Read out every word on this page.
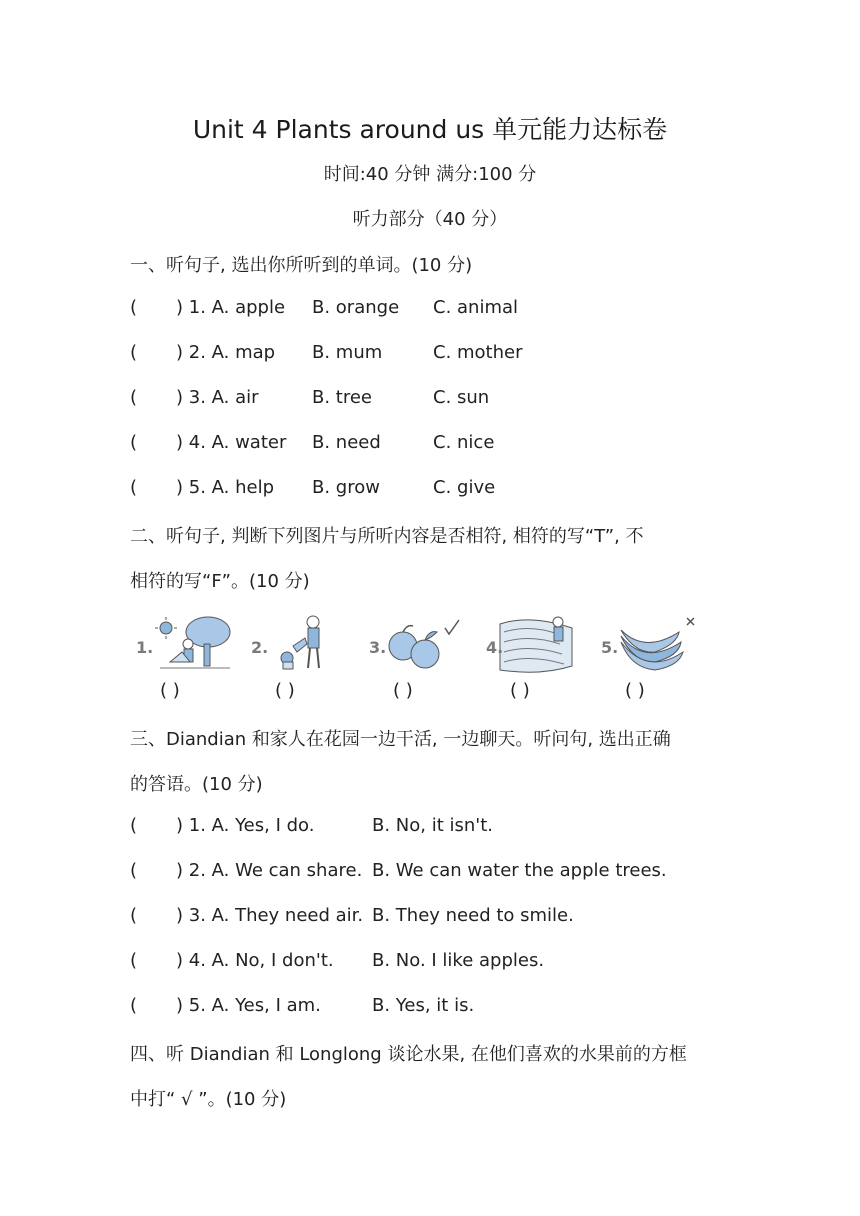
Unit 4 Plants around us 单元能力达标卷
时间:40 分钟 满分:100 分
听力部分（40 分）
一、听句子, 选出你所听到的单词。(10 分)
( ) 1. A. apple B. orange C. animal
( ) 2. A. map B. mum	C. mother
( ) 3. A. air	B. tree	C. sun
( ) 4. A. water B. need	C. nice
( ) 5. A. help B. grow	C. give
二、听句子, 判断下列图片与所听内容是否相符, 相符的写“T”, 不
相符的写“F”。(10 分)
1.
( )
2.
( )
3.
( )
4.
( )
5.
( )
三、Diandian 和家人在花园一边干活, 一边聊天。听问句, 选出正确
的答语。(10 分)
( ) 1. A. Yes, I do.	B. No, it isn't.
( ) 2. A. We can share. B. We can water the apple trees.
( ) 3. A. They need air. B. They need to smile.
( ) 4. A. No, I don't. B. No. I like apples.
( ) 5. A. Yes, I am.	B. Yes, it is.
四、听 Diandian 和 Longlong 谈论水果, 在他们喜欢的水果前的方框
中打“ √ ”。(10 分)
